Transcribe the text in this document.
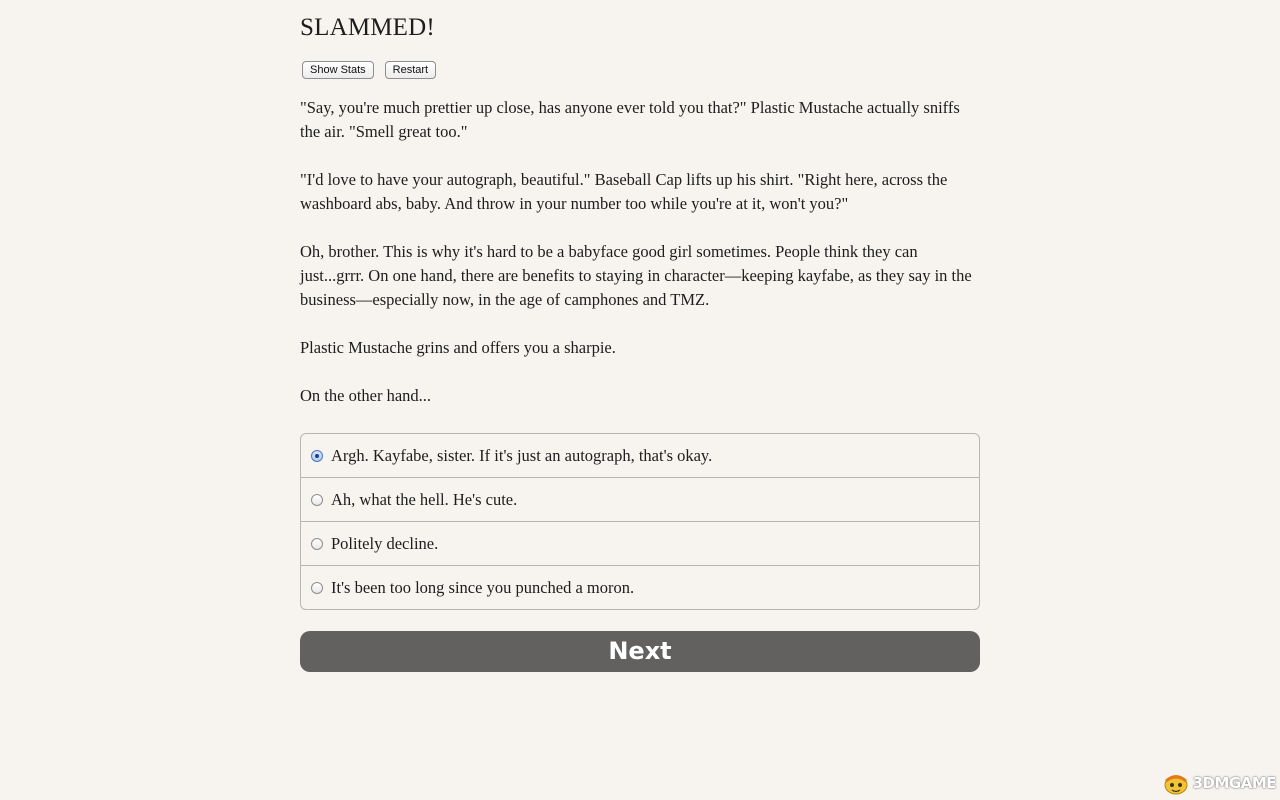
SLAMMED!
Show Stats	Restart

"Say, you're much prettier up close, has anyone ever told you that?" Plastic Mustache actually sniffs the air. "Smell great too."

"I'd love to have your autograph, beautiful." Baseball Cap lifts up his shirt. "Right here, across the washboard abs, baby. And throw in your number too while you're at it, won't you?"

Oh, brother. This is why it's hard to be a babyface good girl sometimes. People think they can just...grrr. On one hand, there are benefits to staying in character—keeping kayfabe, as they say in the business—especially now, in the age of camphones and TMZ.

Plastic Mustache grins and offers you a sharpie.

On the other hand...

Argh. Kayfabe, sister. If it's just an autograph, that's okay.
Ah, what the hell. He's cute.
Politely decline.
It's been too long since you punched a moron.
Next
3DMGAME
